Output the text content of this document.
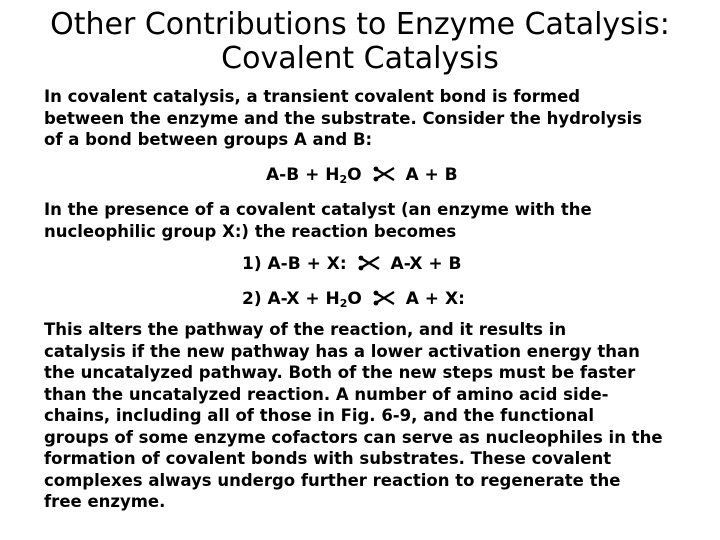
Other Contributions to Enzyme Catalysis:
Covalent Catalysis

In covalent catalysis, a transient covalent bond is formed
between the enzyme and the substrate. Consider the hydrolysis
of a bond between groups A and B:

$A-B + H_2O$	A + B

In the presence of a covalent catalyst (an enzyme with the
nucleophilic group X:) the reaction becomes

1) A-B + X:	A-X + B
2) $A-X + H_2O$	A + X:

This alters the pathway of the reaction, and it results in
catalysis if the new pathway has a lower activation energy than
the uncatalyzed pathway. Both of the new steps must be faster
than the uncatalyzed reaction. A number of amino acid side-
chains, including all of those in Fig. 6-9, and the functional
groups of some enzyme cofactors can serve as nucleophiles in the
formation of covalent bonds with substrates. These covalent
complexes always undergo further reaction to regenerate the
free enzyme.
